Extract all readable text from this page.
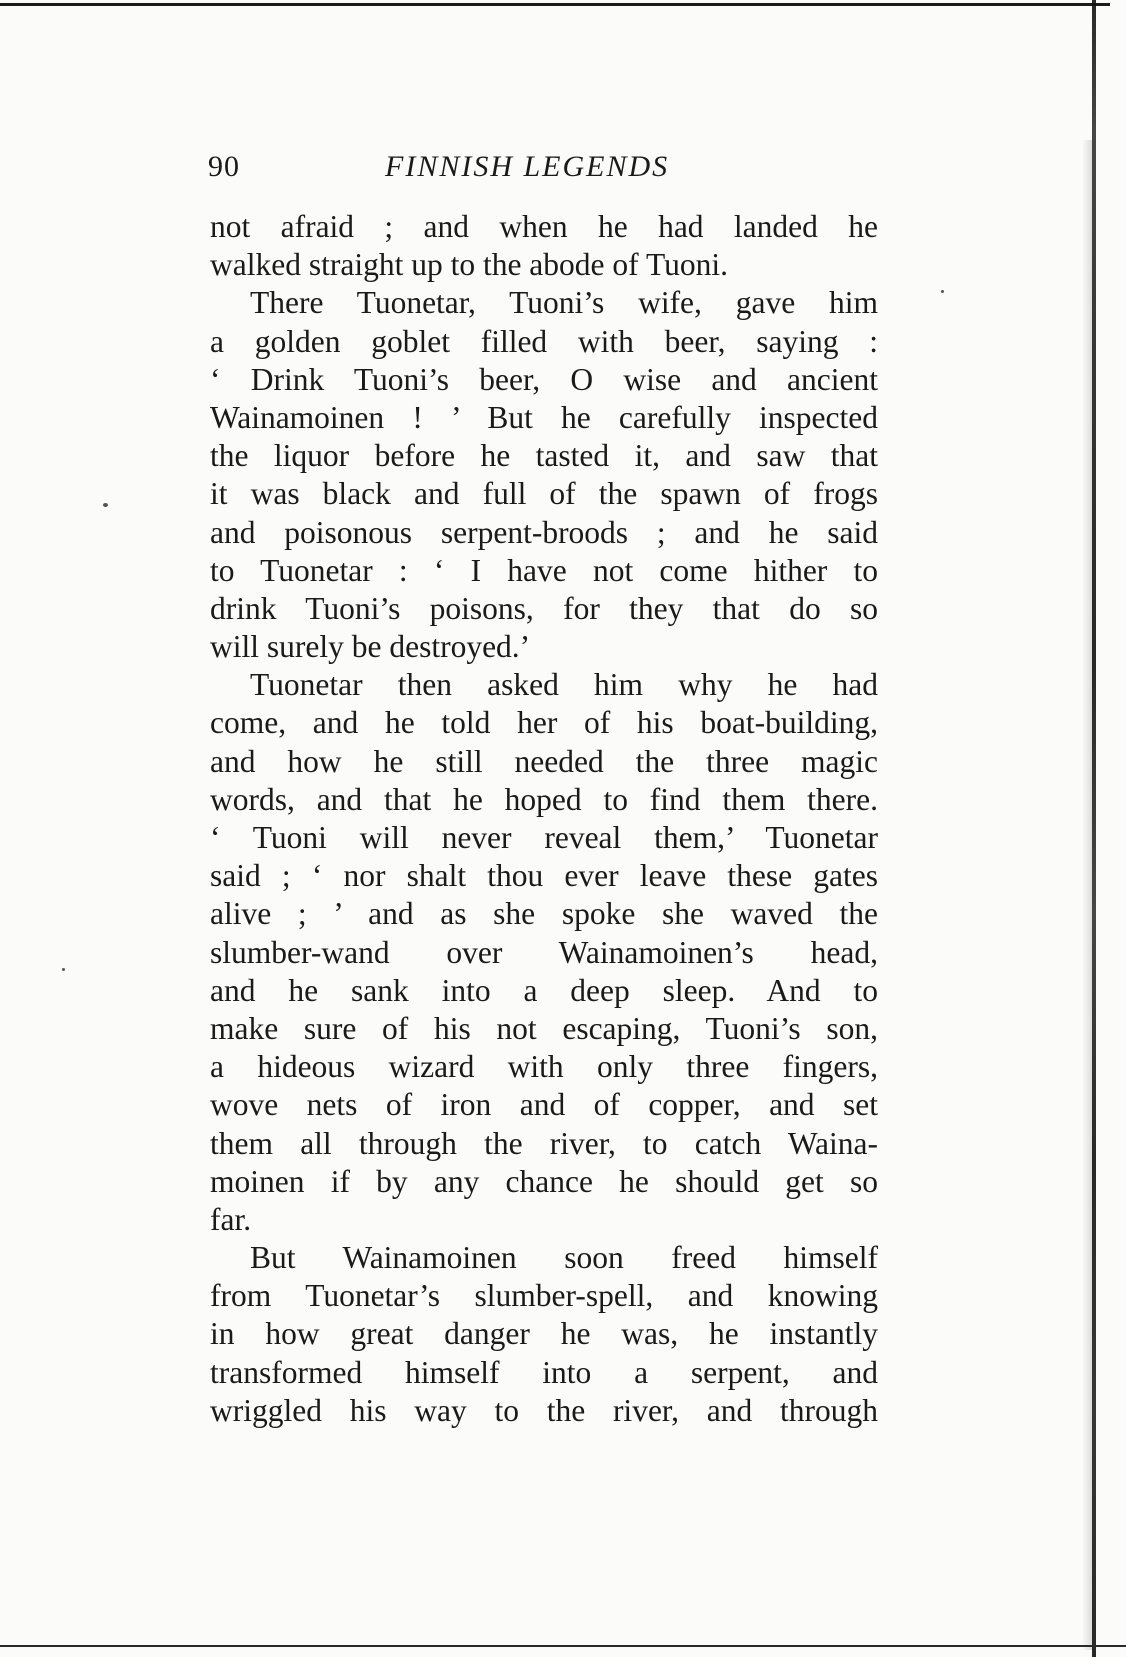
90	FINNISH LEGENDS
not afraid ; and when he had landed he
walked straight up to the abode of Tuoni.
There Tuonetar, Tuoni’s wife, gave him
a golden goblet filled with beer, saying :
‘ Drink Tuoni’s beer, O wise and ancient
Wainamoinen ! ’ But he carefully inspected
the liquor before he tasted it, and saw that
it was black and full of the spawn of frogs
and poisonous serpent-broods ; and he said
to Tuonetar : ‘ I have not come hither to
drink Tuoni’s poisons, for they that do so
will surely be destroyed.’
Tuonetar then asked him why he had
come, and he told her of his boat-building,
and how he still needed the three magic
words, and that he hoped to find them there.
‘ Tuoni will never reveal them,’ Tuonetar
said ; ‘ nor shalt thou ever leave these gates
alive ; ’ and as she spoke she waved the
slumber-wand over Wainamoinen’s head,
and he sank into a deep sleep. And to
make sure of his not escaping, Tuoni’s son,
a hideous wizard with only three fingers,
wove nets of iron and of copper, and set
them all through the river, to catch Waina-
moinen if by any chance he should get so
far.
But Wainamoinen soon freed himself
from Tuonetar’s slumber-spell, and knowing
in how great danger he was, he instantly
transformed himself into a serpent, and
wriggled his way to the river, and through
